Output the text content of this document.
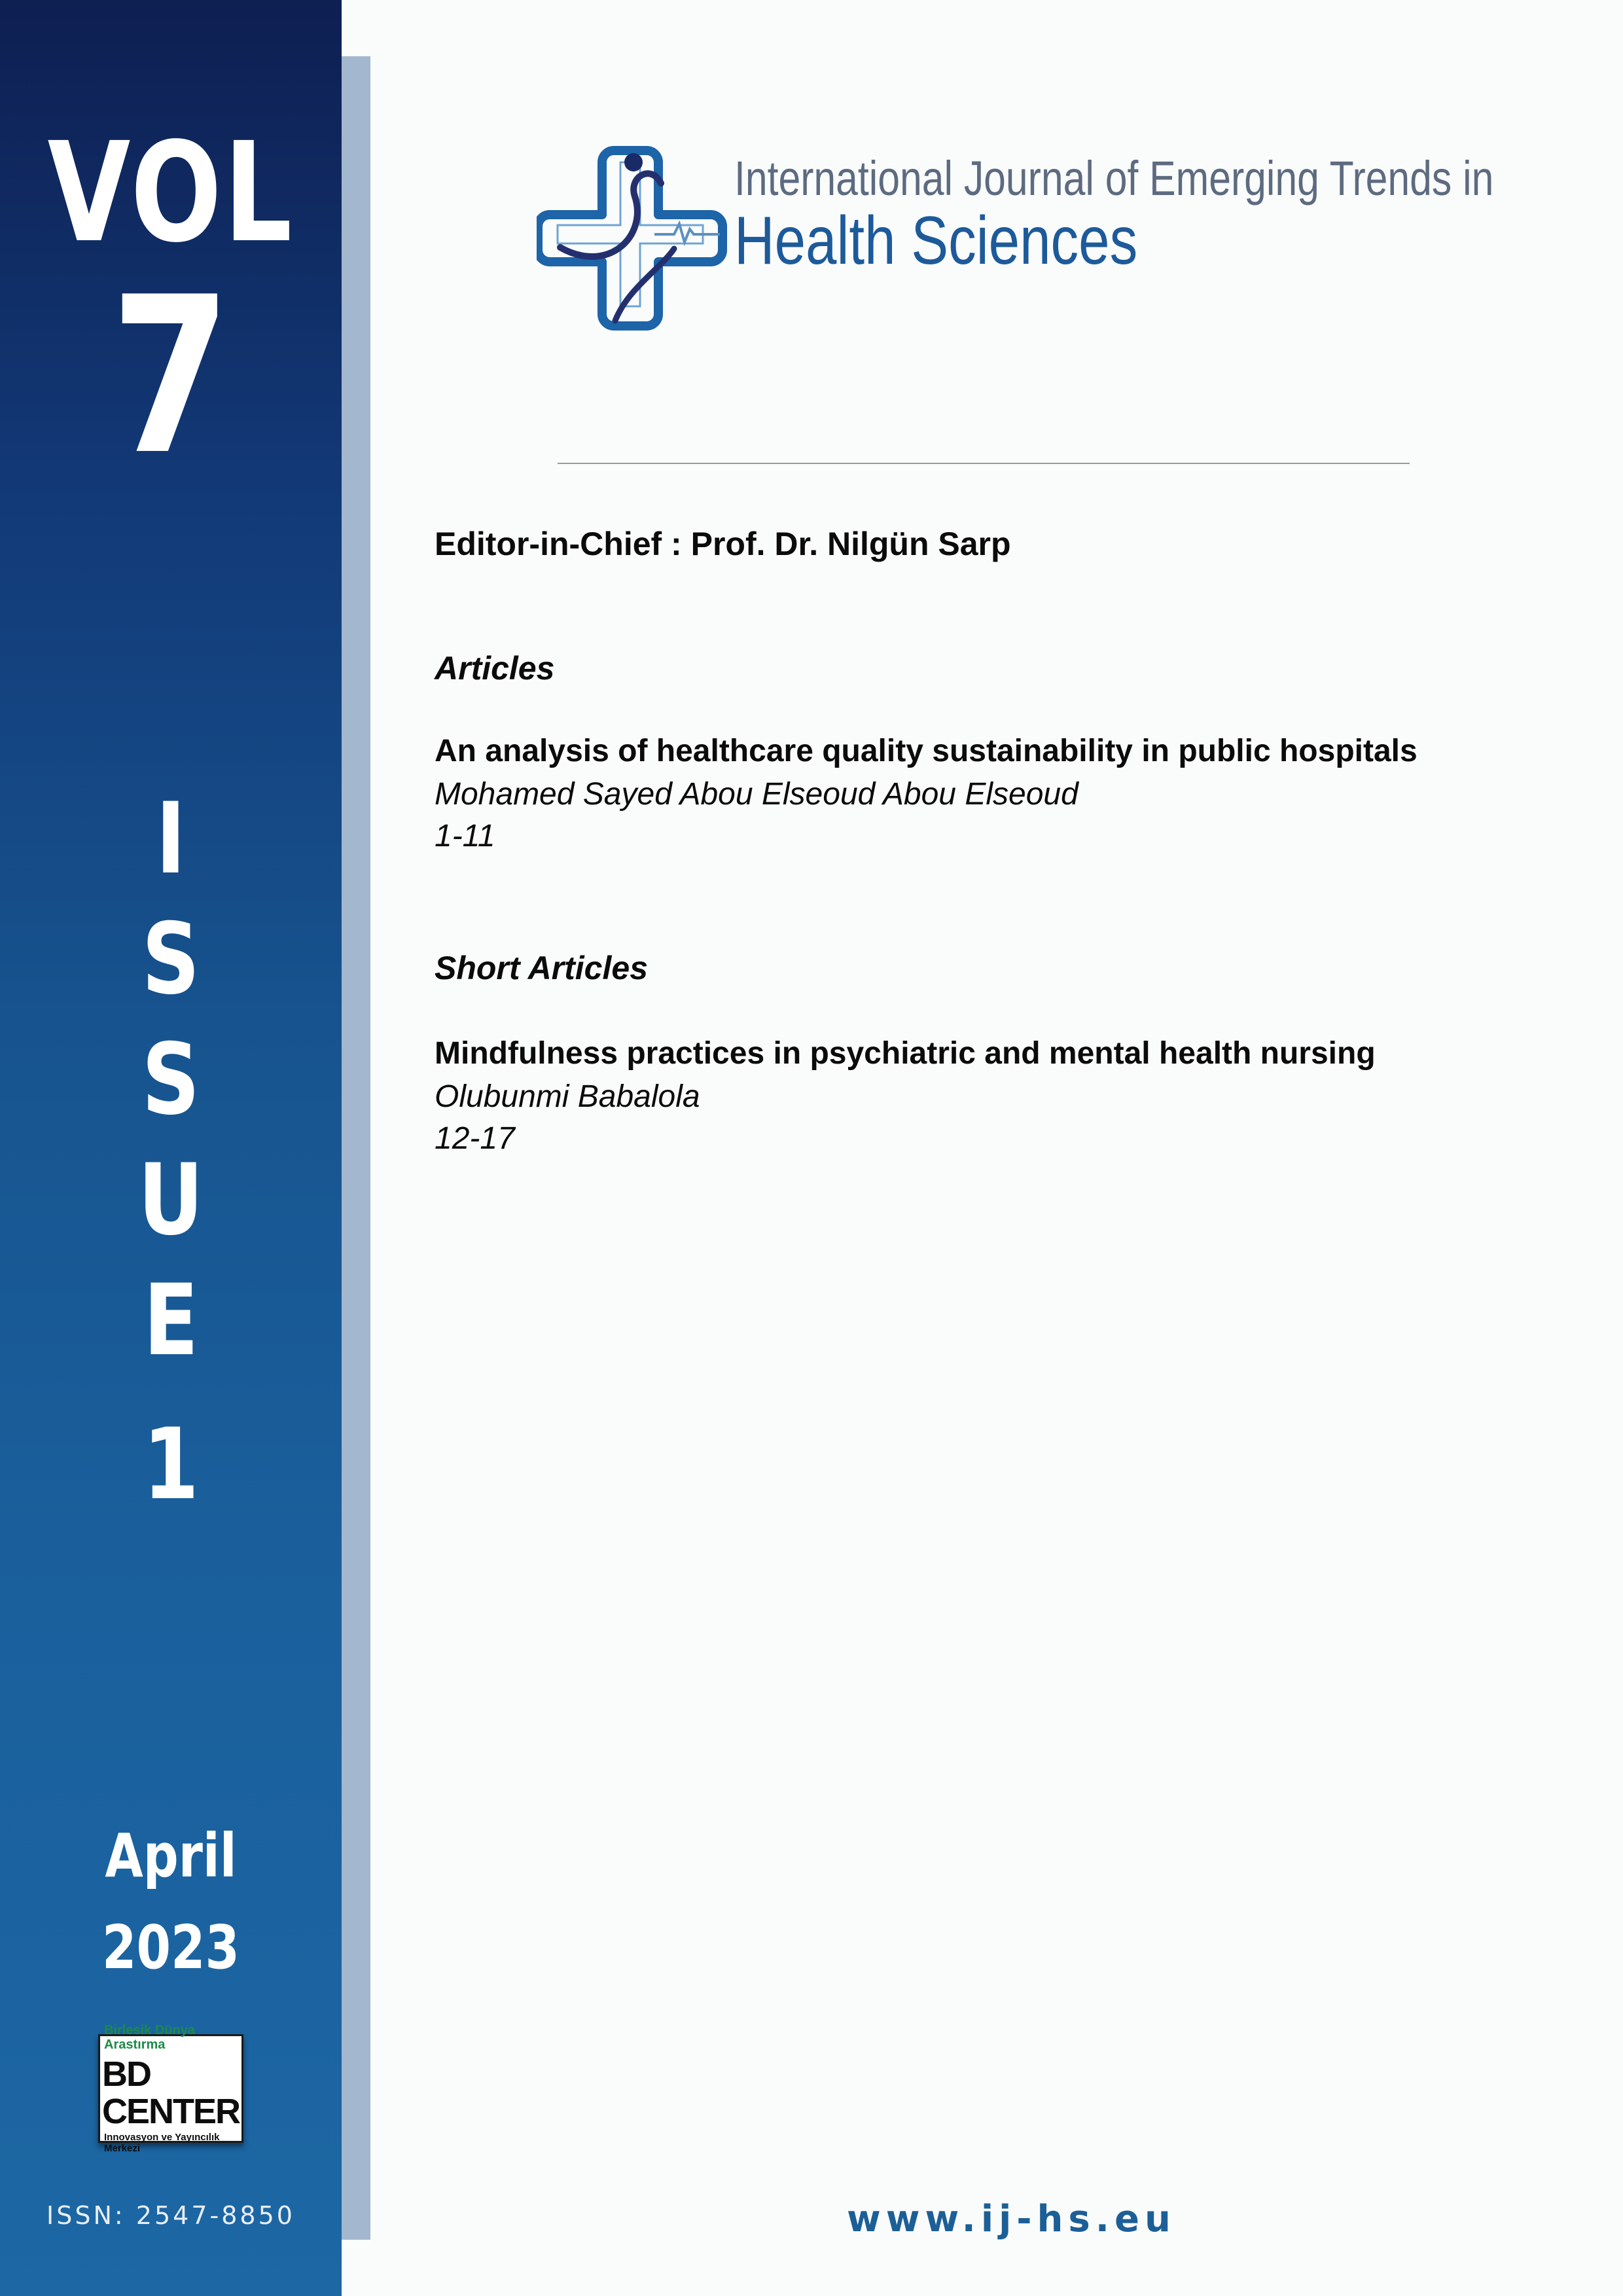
VOL
7
I
S
S
U
E
1
April
2023
Birlesik Dünya Arastırma
BD CENTER
Innovasyon ve Yayıncılık Merkezi
ISSN: 2547-8850
International Journal of Emerging Trends in
Health Sciences
Editor-in-Chief : Prof. Dr. Nilgün Sarp
Articles
An analysis of healthcare quality sustainability in public hospitals
Mohamed Sayed Abou Elseoud Abou Elseoud
1-11
Short Articles
Mindfulness practices in psychiatric and mental health nursing
Olubunmi Babalola
12-17
www.ij-hs.eu
